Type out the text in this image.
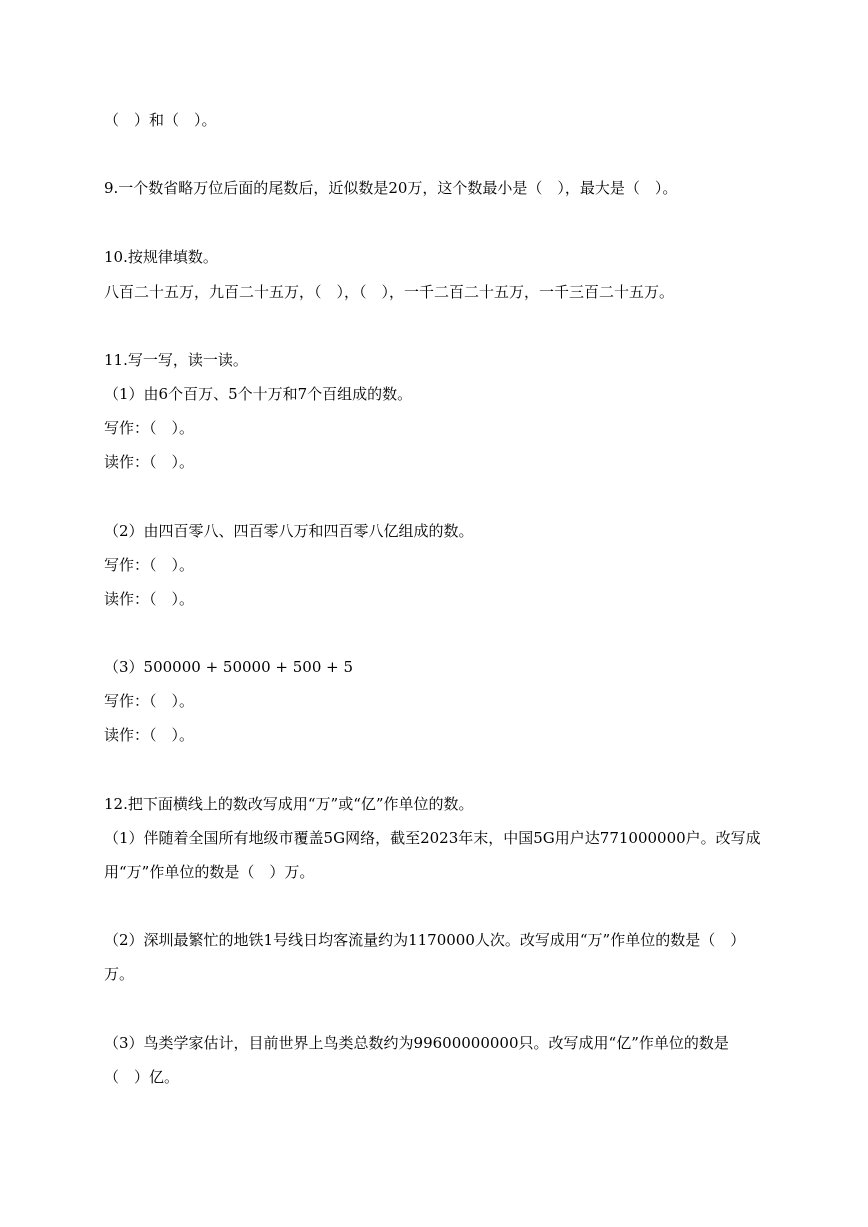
（　）和（　）。
9.一个数省略万位后面的尾数后，近似数是20万，这个数最小是（　），最大是（　）。
10.按规律填数。
八百二十五万，九百二十五万，（　），（　），一千二百二十五万，一千三百二十五万。
11.写一写，读一读。
（1）由6个百万、5个十万和7个百组成的数。
写作：（　）。
读作：（　）。
（2）由四百零八、四百零八万和四百零八亿组成的数。
写作：（　）。
读作：（　）。
（3）500000 + 50000 + 500 + 5
写作：（　）。
读作：（　）。
12.把下面横线上的数改写成用“万”或“亿”作单位的数。
（1）伴随着全国所有地级市覆盖5G网络，截至2023年末，中国5G用户达771000000户。改写成
用“万”作单位的数是（　）万。
（2）深圳最繁忙的地铁1号线日均客流量约为1170000人次。改写成用“万”作单位的数是（　）
万。
（3）鸟类学家估计，目前世界上鸟类总数约为99600000000只。改写成用“亿”作单位的数是
（　）亿。
